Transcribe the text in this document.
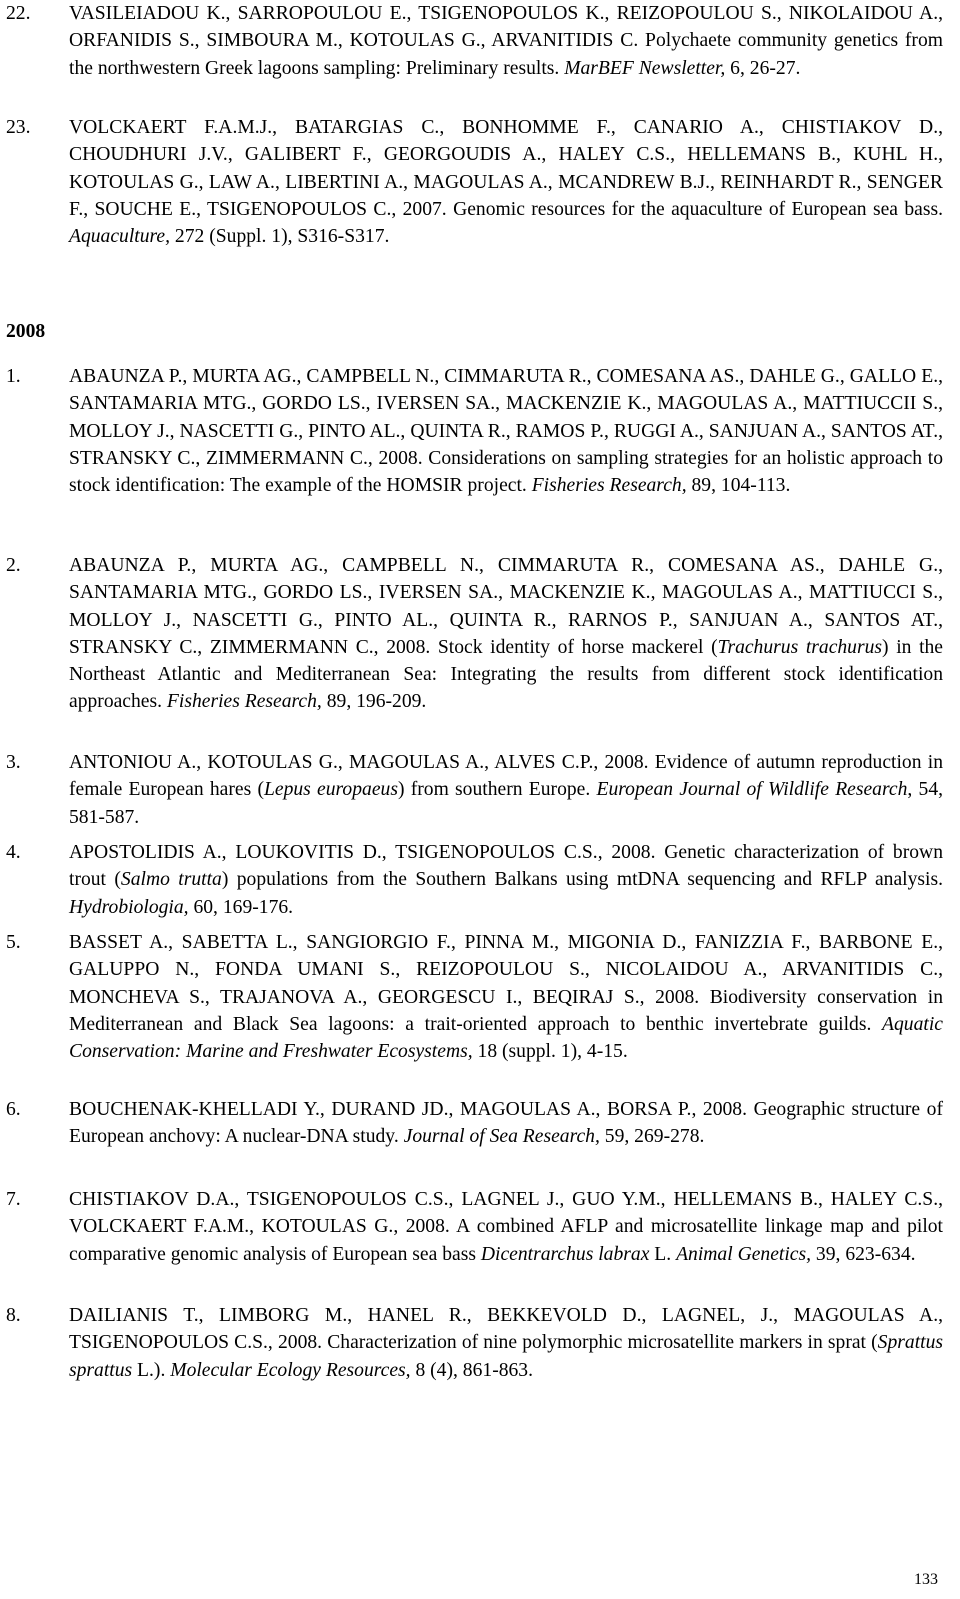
22. VASILEIADOU K., SARROPOULOU E., TSIGENOPOULOS K., REIZOPOULOU S., NIKOLAIDOU A., ORFANIDIS S., SIMBOURA M., KOTOULAS G., ARVANITIDIS C. Polychaete community genetics from the northwestern Greek lagoons sampling: Preliminary results. MarBEF Newsletter, 6, 26-27.
23. VOLCKAERT F.A.M.J., BATARGIAS C., BONHOMME F., CANARIO A., CHISTIAKOV D., CHOUDHURI J.V., GALIBERT F., GEORGOUDIS A., HALEY C.S., HELLEMANS B., KUHL H., KOTOULAS G., LAW A., LIBERTINI A., MAGOULAS A., MCANDREW B.J., REINHARDT R., SENGER F., SOUCHE E., TSIGENOPOULOS C., 2007. Genomic resources for the aquaculture of European sea bass. Aquaculture, 272 (Suppl. 1), S316-S317.
2008
1. ABAUNZA P., MURTA AG., CAMPBELL N., CIMMARUTA R., COMESANA AS., DAHLE G., GALLO E., SANTAMARIA MTG., GORDO LS., IVERSEN SA., MACKENZIE K., MAGOULAS A., MATTIUCCII S., MOLLOY J., NASCETTI G., PINTO AL., QUINTA R., RAMOS P., RUGGI A., SANJUAN A., SANTOS AT., STRANSKY C., ZIMMERMANN C., 2008. Considerations on sampling strategies for an holistic approach to stock identification: The example of the HOMSIR project. Fisheries Research, 89, 104-113.
2. ABAUNZA P., MURTA AG., CAMPBELL N., CIMMARUTA R., COMESANA AS., DAHLE G., SANTAMARIA MTG., GORDO LS., IVERSEN SA., MACKENZIE K., MAGOULAS A., MATTIUCCI S., MOLLOY J., NASCETTI G., PINTO AL., QUINTA R., RARNOS P., SANJUAN A., SANTOS AT., STRANSKY C., ZIMMERMANN C., 2008. Stock identity of horse mackerel (Trachurus trachurus) in the Northeast Atlantic and Mediterranean Sea: Integrating the results from different stock identification approaches. Fisheries Research, 89, 196-209.
3. ANTONIOU A., KOTOULAS G., MAGOULAS A., ALVES C.P., 2008. Evidence of autumn reproduction in female European hares (Lepus europaeus) from southern Europe. European Journal of Wildlife Research, 54, 581-587.
4. APOSTOLIDIS A., LOUKOVITIS D., TSIGENOPOULOS C.S., 2008. Genetic characterization of brown trout (Salmo trutta) populations from the Southern Balkans using mtDNA sequencing and RFLP analysis. Hydrobiologia, 60, 169-176.
5. BASSET A., SABETTA L., SANGIORGIO F., PINNA M., MIGONIA D., FANIZZIA F., BARBONE E., GALUPPO N., FONDA UMANI S., REIZOPOULOU S., NICOLAIDOU A., ARVANITIDIS C., MONCHEVA S., TRAJANOVA A., GEORGESCU I., BEQIRAJ S., 2008. Biodiversity conservation in Mediterranean and Black Sea lagoons: a trait-oriented approach to benthic invertebrate guilds. Aquatic Conservation: Marine and Freshwater Ecosystems, 18 (suppl. 1), 4-15.
6. BOUCHENAK-KHELLADI Y., DURAND JD., MAGOULAS A., BORSA P., 2008. Geographic structure of European anchovy: A nuclear-DNA study. Journal of Sea Research, 59, 269-278.
7. CHISTIAKOV D.A., TSIGENOPOULOS C.S., LAGNEL J., GUO Y.M., HELLEMANS B., HALEY C.S., VOLCKAERT F.A.M., KOTOULAS G., 2008. A combined AFLP and microsatellite linkage map and pilot comparative genomic analysis of European sea bass Dicentrarchus labrax L. Animal Genetics, 39, 623-634.
8. DAILIANIS T., LIMBORG M., HANEL R., BEKKEVOLD D., LAGNEL, J., MAGOULAS A., TSIGENOPOULOS C.S., 2008. Characterization of nine polymorphic microsatellite markers in sprat (Sprattus sprattus L.). Molecular Ecology Resources, 8 (4), 861-863.
133
